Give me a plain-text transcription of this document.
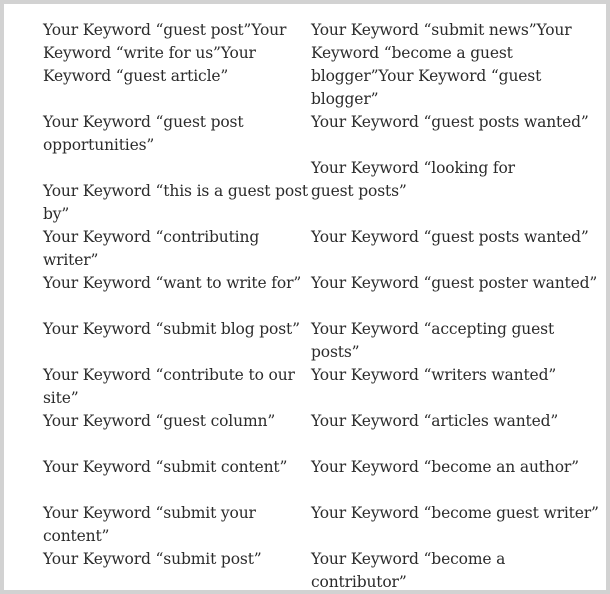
Your Keyword “guest post”Your Keyword “write for us”Your Keyword “guest article”
Your Keyword “guest post opportunities”
Your Keyword “this is a guest post by”
Your Keyword “contributing writer”
Your Keyword “want to write for”
Your Keyword “submit blog post”
Your Keyword “contribute to our site”
Your Keyword “guest column”
Your Keyword “submit content”
Your Keyword “submit your content”
Your Keyword “submit post”
Your Keyword “submit news”Your Keyword “become a guest blogger”Your Keyword “guest blogger”
Your Keyword “guest posts wanted”
Your Keyword “looking for guest posts”
Your Keyword “guest posts wanted”
Your Keyword “guest poster wanted”
Your Keyword “accepting guest posts”
Your Keyword “writers wanted”
Your Keyword “articles wanted”
Your Keyword “become an author”
Your Keyword “become guest writer”
Your Keyword “become a contributor”
